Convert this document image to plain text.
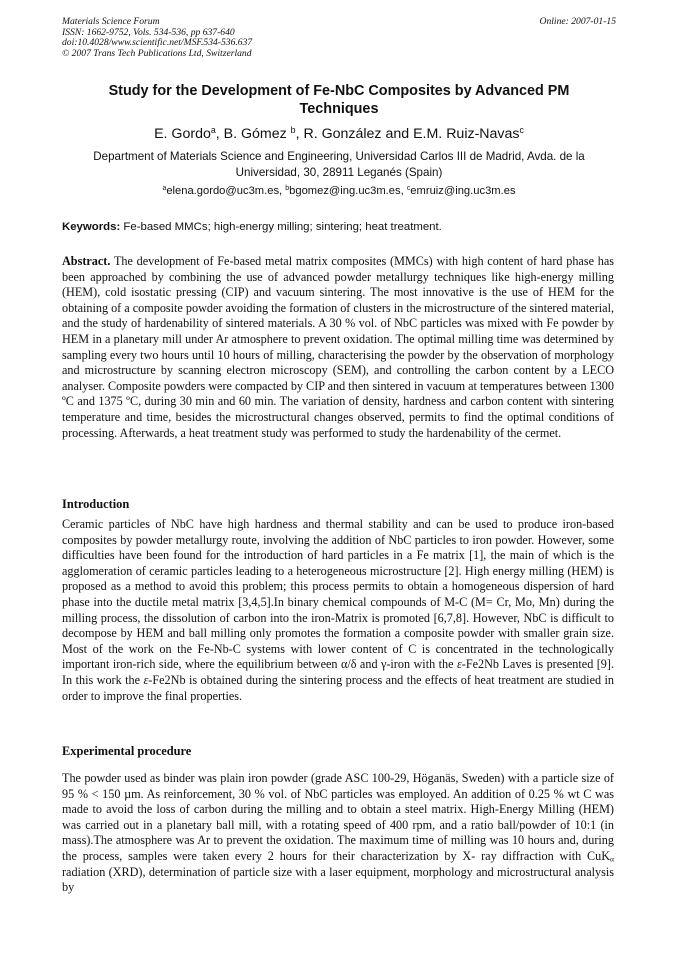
Materials Science Forum
ISSN: 1662-9752, Vols. 534-536, pp 637-640
doi:10.4028/www.scientific.net/MSF.534-536.637
© 2007 Trans Tech Publications Ltd, Switzerland
Online: 2007-01-15
Study for the Development of Fe-NbC Composites by Advanced PM Techniques
E. Gordo$^a$, B. Gómez $^b$, R. González and E.M. Ruiz-Navas$^c$
Department of Materials Science and Engineering, Universidad Carlos III de Madrid, Avda. de la Universidad, 30, 28911 Leganés (Spain)
$^a$elena.gordo@uc3m.es, $^b$bgomez@ing.uc3m.es, $^c$emruiz@ing.uc3m.es
Keywords: Fe-based MMCs; high-energy milling; sintering; heat treatment.
Abstract. The development of Fe-based metal matrix composites (MMCs) with high content of hard phase has been approached by combining the use of advanced powder metallurgy techniques like high-energy milling (HEM), cold isostatic pressing (CIP) and vacuum sintering. The most innovative is the use of HEM for the obtaining of a composite powder avoiding the formation of clusters in the microstructure of the sintered material, and the study of hardenability of sintered materials. A 30 % vol. of NbC particles was mixed with Fe powder by HEM in a planetary mill under Ar atmosphere to prevent oxidation. The optimal milling time was determined by sampling every two hours until 10 hours of milling, characterising the powder by the observation of morphology and microstructure by scanning electron microscopy (SEM), and controlling the carbon content by a LECO analyser. Composite powders were compacted by CIP and then sintered in vacuum at temperatures between 1300 ºC and 1375 ºC, during 30 min and 60 min. The variation of density, hardness and carbon content with sintering temperature and time, besides the microstructural changes observed, permits to find the optimal conditions of processing. Afterwards, a heat treatment study was performed to study the hardenability of the cermet.
Introduction
Ceramic particles of NbC have high hardness and thermal stability and can be used to produce iron-based composites by powder metallurgy route, involving the addition of NbC particles to iron powder. However, some difficulties have been found for the introduction of hard particles in a Fe matrix [1], the main of which is the agglomeration of ceramic particles leading to a heterogeneous microstructure [2]. High energy milling (HEM) is proposed as a method to avoid this problem; this process permits to obtain a homogeneous dispersion of hard phase into the ductile metal matrix [3,4,5].In binary chemical compounds of M-C (M= Cr, Mo, Mn) during the milling process, the dissolution of carbon into the iron-Matrix is promoted [6,7,8]. However, NbC is difficult to decompose by HEM and ball milling only promotes the formation a composite powder with smaller grain size. Most of the work on the Fe-Nb-C systems with lower content of C is concentrated in the technologically important iron-rich side, where the equilibrium between α/δ and γ-iron with the ε-Fe2Nb Laves is presented [9]. In this work the ε-Fe2Nb is obtained during the sintering process and the effects of heat treatment are studied in order to improve the final properties.
Experimental procedure
The powder used as binder was plain iron powder (grade ASC 100-29, Höganäs, Sweden) with a particle size of 95 % < 150 µm. As reinforcement, 30 % vol. of NbC particles was employed. An addition of 0.25 % wt C was made to avoid the loss of carbon during the milling and to obtain a steel matrix. High-Energy Milling (HEM) was carried out in a planetary ball mill, with a rotating speed of 400 rpm, and a ratio ball/powder of 10:1 (in mass).The atmosphere was Ar to prevent the oxidation. The maximum time of milling was 10 hours and, during the process, samples were taken every 2 hours for their characterization by X- ray diffraction with CuK$_\alpha$ radiation (XRD), determination of particle size with a laser equipment, morphology and microstructural analysis by
